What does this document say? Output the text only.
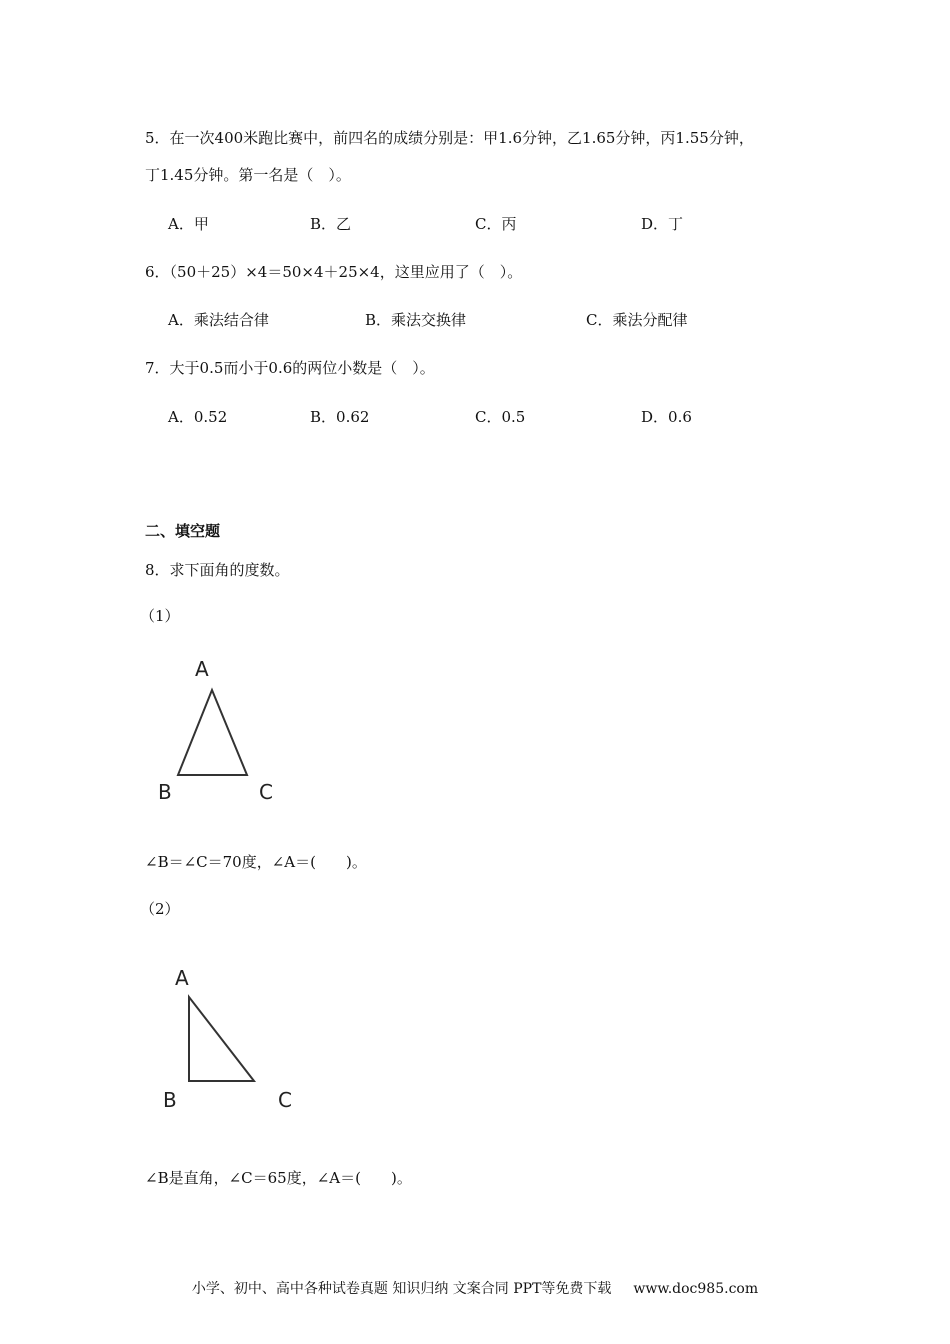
5．在一次400米跑比赛中，前四名的成绩分别是：甲1.6分钟，乙1.65分钟，丙1.55分钟，
丁1.45分钟。第一名是（　）。
A．甲	B．乙	C．丙	D．丁
6．（50＋25）×4＝50×4＋25×4，这里应用了（　）。
A．乘法结合律	B．乘法交换律	C．乘法分配律
7．大于0.5而小于0.6的两位小数是（　）。
A．0.52	B．0.62	C．0.5	D．0.6
二、填空题
8．求下面角的度数。
（1）
A
B	C
∠B＝∠C＝70度，∠A＝(　　)。
（2）
A
B	C
∠B是直角，∠C＝65度，∠A＝(　　)。
小学、初中、高中各种试卷真题 知识归纳 文案合同 PPT等免费下载 www.doc985.com
